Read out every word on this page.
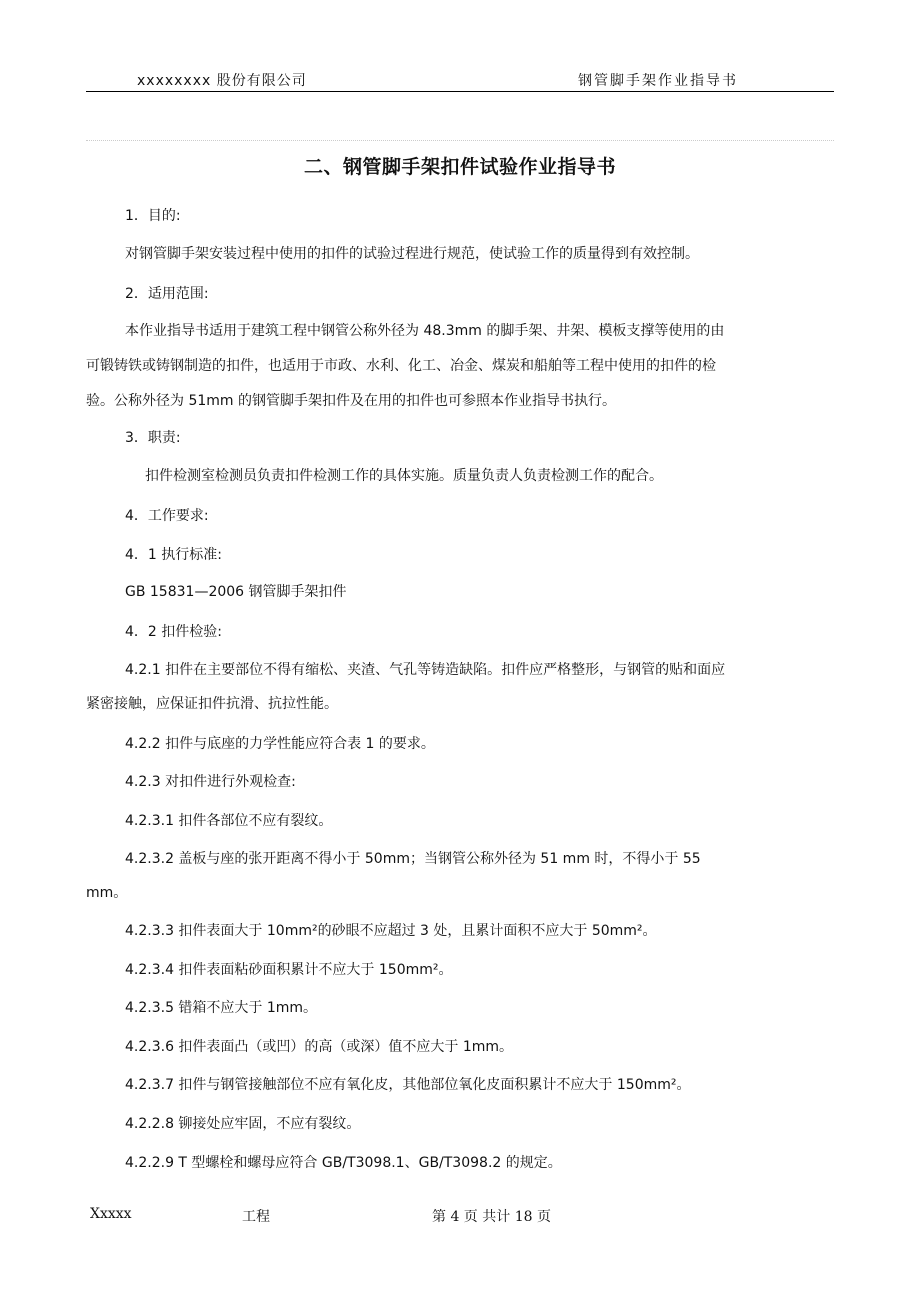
xxxxxxxx 股份有限公司	钢管脚手架作业指导书
二、钢管脚手架扣件试验作业指导书
1．目的:
对钢管脚手架安装过程中使用的扣件的试验过程进行规范，使试验工作的质量得到有效控制。
2．适用范围:
本作业指导书适用于建筑工程中钢管公称外径为 48.3mm 的脚手架、井架、模板支撑等使用的由
可锻铸铁或铸钢制造的扣件，也适用于市政、水利、化工、冶金、煤炭和船舶等工程中使用的扣件的检
验。公称外径为 51mm 的钢管脚手架扣件及在用的扣件也可参照本作业指导书执行。
3．职责:
扣件检测室检测员负责扣件检测工作的具体实施。质量负责人负责检测工作的配合。
4．工作要求:
4．1 执行标准:
GB 15831—2006 钢管脚手架扣件
4．2 扣件检验:
4.2.1 扣件在主要部位不得有缩松、夹渣、气孔等铸造缺陷。扣件应严格整形，与钢管的贴和面应
紧密接触，应保证扣件抗滑、抗拉性能。
4.2.2 扣件与底座的力学性能应符合表 1 的要求。
4.2.3 对扣件进行外观检查:
4.2.3.1 扣件各部位不应有裂纹。
4.2.3.2 盖板与座的张开距离不得小于 50mm；当钢管公称外径为 51 mm 时，不得小于 55
mm。
4.2.3.3 扣件表面大于 10mm²的砂眼不应超过 3 处，且累计面积不应大于 50mm²。
4.2.3.4 扣件表面粘砂面积累计不应大于 150mm²。
4.2.3.5 错箱不应大于 1mm。
4.2.3.6 扣件表面凸（或凹）的高（或深）值不应大于 1mm。
4.2.3.7 扣件与钢管接触部位不应有氧化皮，其他部位氧化皮面积累计不应大于 150mm²。
4.2.2.8 铆接处应牢固，不应有裂纹。
4.2.2.9 T 型螺栓和螺母应符合 GB/T3098.1、GB/T3098.2 的规定。
Xxxxx	工程	第 4 页 共计 18 页
